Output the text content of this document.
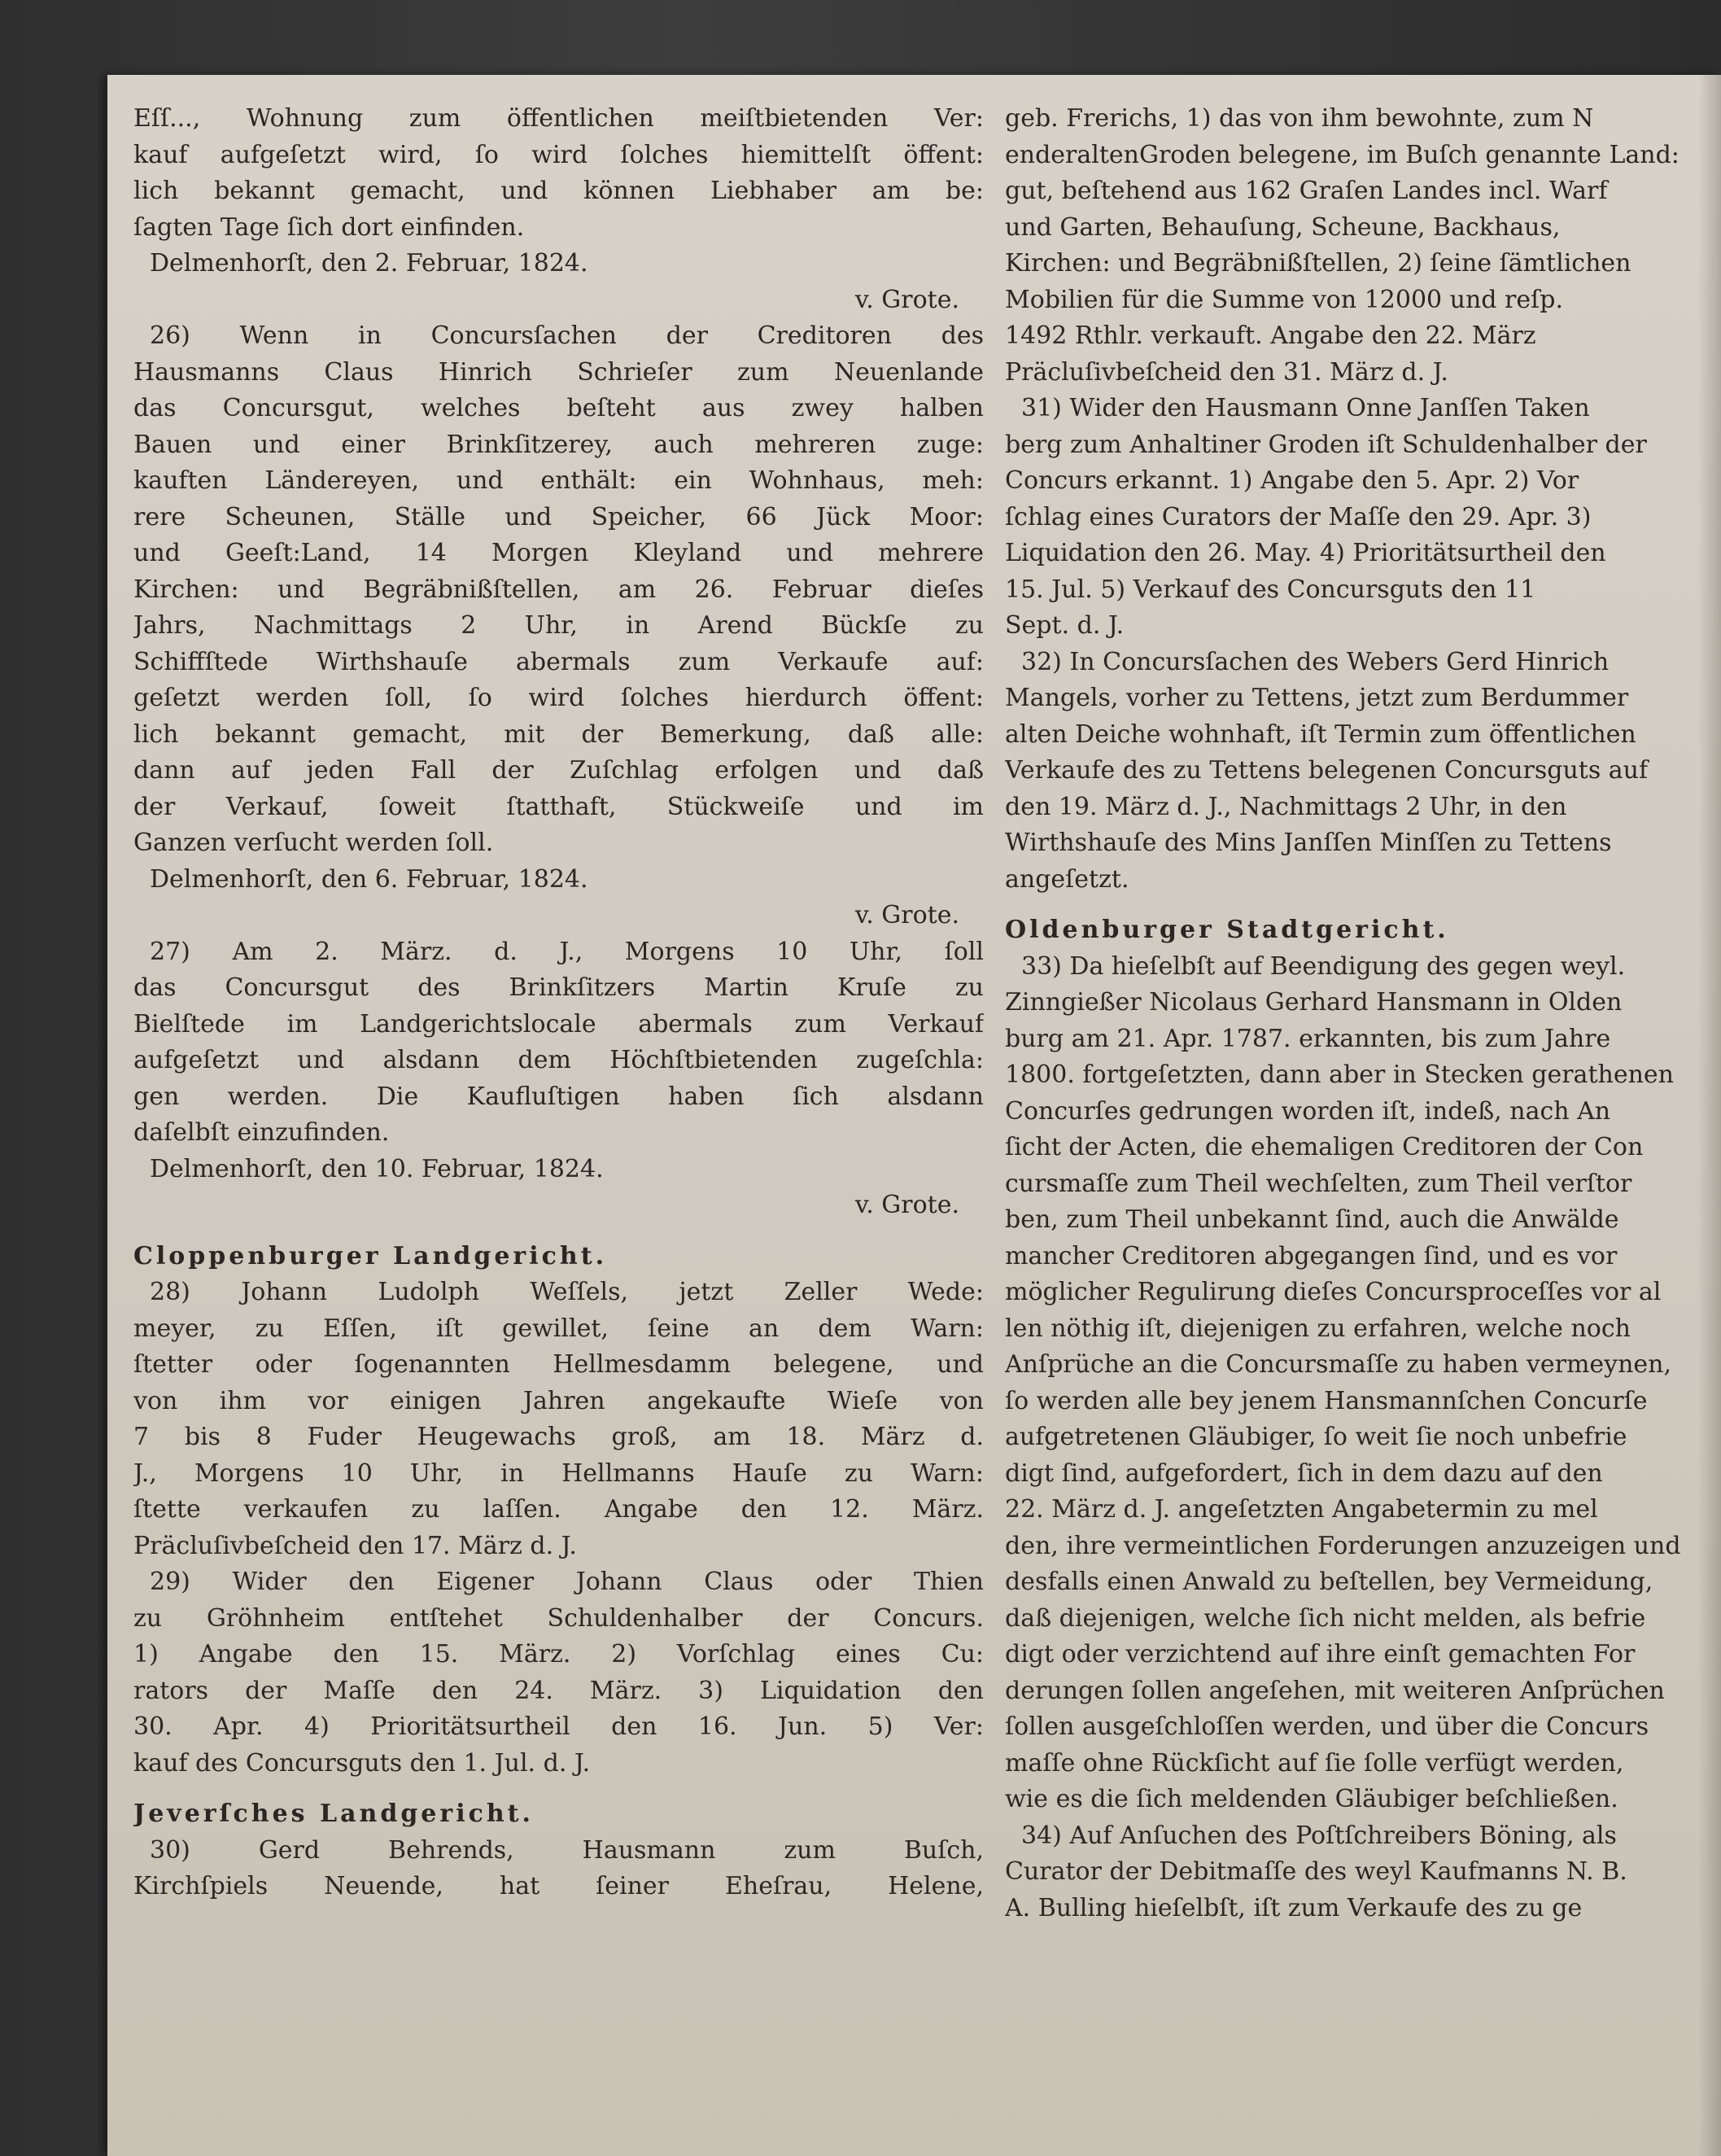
Eſſ..., Wohnung zum öffentlichen meiſtbietenden Ver:
kauf aufgeſetzt wird, ſo wird ſolches hiemittelſt öffent:
lich bekannt gemacht, und können Liebhaber am be:
ſagten Tage ſich dort einfinden.
Delmenhorſt, den 2. Februar, 1824.
v. Grote.
26) Wenn in Concursſachen der Creditoren des
Hausmanns Claus Hinrich Schrieſer zum Neuenlande
das Concursgut, welches beſteht aus zwey halben
Bauen und einer Brinkſitzerey, auch mehreren zuge:
kauften Ländereyen, und enthält: ein Wohnhaus, meh:
rere Scheunen, Ställe und Speicher, 66 Jück Moor:
und Geeſt:Land, 14 Morgen Kleyland und mehrere
Kirchen: und Begräbnißſtellen, am 26. Februar dieſes
Jahrs, Nachmittags 2 Uhr, in Arend Bückſe zu
Schiffſtede Wirthshauſe abermals zum Verkaufe auf:
geſetzt werden ſoll, ſo wird ſolches hierdurch öffent:
lich bekannt gemacht, mit der Bemerkung, daß alle:
dann auf jeden Fall der Zuſchlag erfolgen und daß
der Verkauf, ſoweit ſtatthaft, Stückweiſe und im
Ganzen verſucht werden ſoll.
Delmenhorſt, den 6. Februar, 1824.
v. Grote.
27) Am 2. März. d. J., Morgens 10 Uhr, ſoll
das Concursgut des Brinkſitzers Martin Kruſe zu
Bielſtede im Landgerichtslocale abermals zum Verkauf
aufgeſetzt und alsdann dem Höchſtbietenden zugeſchla:
gen werden. Die Kaufluſtigen haben ſich alsdann
daſelbſt einzufinden.
Delmenhorſt, den 10. Februar, 1824.
v. Grote.
Cloppenburger Landgericht.
28) Johann Ludolph Weſſels, jetzt Zeller Wede:
meyer, zu Eſſen, iſt gewillet, ſeine an dem Warn:
ſtetter oder ſogenannten Hellmesdamm belegene, und
von ihm vor einigen Jahren angekaufte Wieſe von
7 bis 8 Fuder Heugewachs groß, am 18. März d.
J., Morgens 10 Uhr, in Hellmanns Hauſe zu Warn:
ſtette verkaufen zu laſſen. Angabe den 12. März.
Präcluſivbeſcheid den 17. März d. J.
29) Wider den Eigener Johann Claus oder Thien
zu Gröhnheim entſtehet Schuldenhalber der Concurs.
1) Angabe den 15. März. 2) Vorſchlag eines Cu:
rators der Maſſe den 24. März. 3) Liquidation den
30. Apr. 4) Prioritätsurtheil den 16. Jun. 5) Ver:
kauf des Concursguts den 1. Jul. d. J.
Jeverſches Landgericht.
30) Gerd Behrends, Hausmann zum Buſch,
Kirchſpiels Neuende, hat ſeiner Eheſrau, Helene,
geb. Frerichs, 1) das von ihm bewohnte, zum N
enderaltenGroden belegene, im Buſch genannte Land:
gut, beſtehend aus 162 Graſen Landes incl. Warf
und Garten, Behauſung, Scheune, Backhaus,
Kirchen: und Begräbnißſtellen, 2) ſeine ſämtlichen
Mobilien für die Summe von 12000 und reſp.
1492 Rthlr. verkauft. Angabe den 22. März
Präcluſivbeſcheid den 31. März d. J.
31) Wider den Hausmann Onne Janſſen Taken
berg zum Anhaltiner Groden iſt Schuldenhalber der
Concurs erkannt. 1) Angabe den 5. Apr. 2) Vor
ſchlag eines Curators der Maſſe den 29. Apr. 3)
Liquidation den 26. May. 4) Prioritätsurtheil den
15. Jul. 5) Verkauf des Concursguts den 11
Sept. d. J.
32) In Concursſachen des Webers Gerd Hinrich
Mangels, vorher zu Tettens, jetzt zum Berdummer
alten Deiche wohnhaft, iſt Termin zum öffentlichen
Verkaufe des zu Tettens belegenen Concursguts auf
den 19. März d. J., Nachmittags 2 Uhr, in den
Wirthshauſe des Mins Janſſen Minſſen zu Tettens
angeſetzt.
Oldenburger Stadtgericht.
33) Da hieſelbſt auf Beendigung des gegen weyl.
Zinngießer Nicolaus Gerhard Hansmann in Olden
burg am 21. Apr. 1787. erkannten, bis zum Jahre
1800. fortgeſetzten, dann aber in Stecken gerathenen
Concurſes gedrungen worden iſt, indeß, nach An
ſicht der Acten, die ehemaligen Creditoren der Con
cursmaſſe zum Theil wechſelten, zum Theil verſtor
ben, zum Theil unbekannt ſind, auch die Anwälde
mancher Creditoren abgegangen ſind, und es vor
möglicher Regulirung dieſes Concursproceſſes vor al
len nöthig iſt, diejenigen zu erfahren, welche noch
Anſprüche an die Concursmaſſe zu haben vermeynen,
ſo werden alle bey jenem Hansmannſchen Concurſe
aufgetretenen Gläubiger, ſo weit ſie noch unbefrie
digt ſind, aufgefordert, ſich in dem dazu auf den
22. März d. J. angeſetzten Angabetermin zu mel
den, ihre vermeintlichen Forderungen anzuzeigen und
desfalls einen Anwald zu beſtellen, bey Vermeidung,
daß diejenigen, welche ſich nicht melden, als befrie
digt oder verzichtend auf ihre einſt gemachten For
derungen ſollen angeſehen, mit weiteren Anſprüchen
ſollen ausgeſchloſſen werden, und über die Concurs
maſſe ohne Rückſicht auf ſie ſolle verfügt werden,
wie es die ſich meldenden Gläubiger beſchließen.
34) Auf Anſuchen des Poſtſchreibers Böning, als
Curator der Debitmaſſe des weyl Kaufmanns N. B.
A. Bulling hieſelbſt, iſt zum Verkaufe des zu ge
